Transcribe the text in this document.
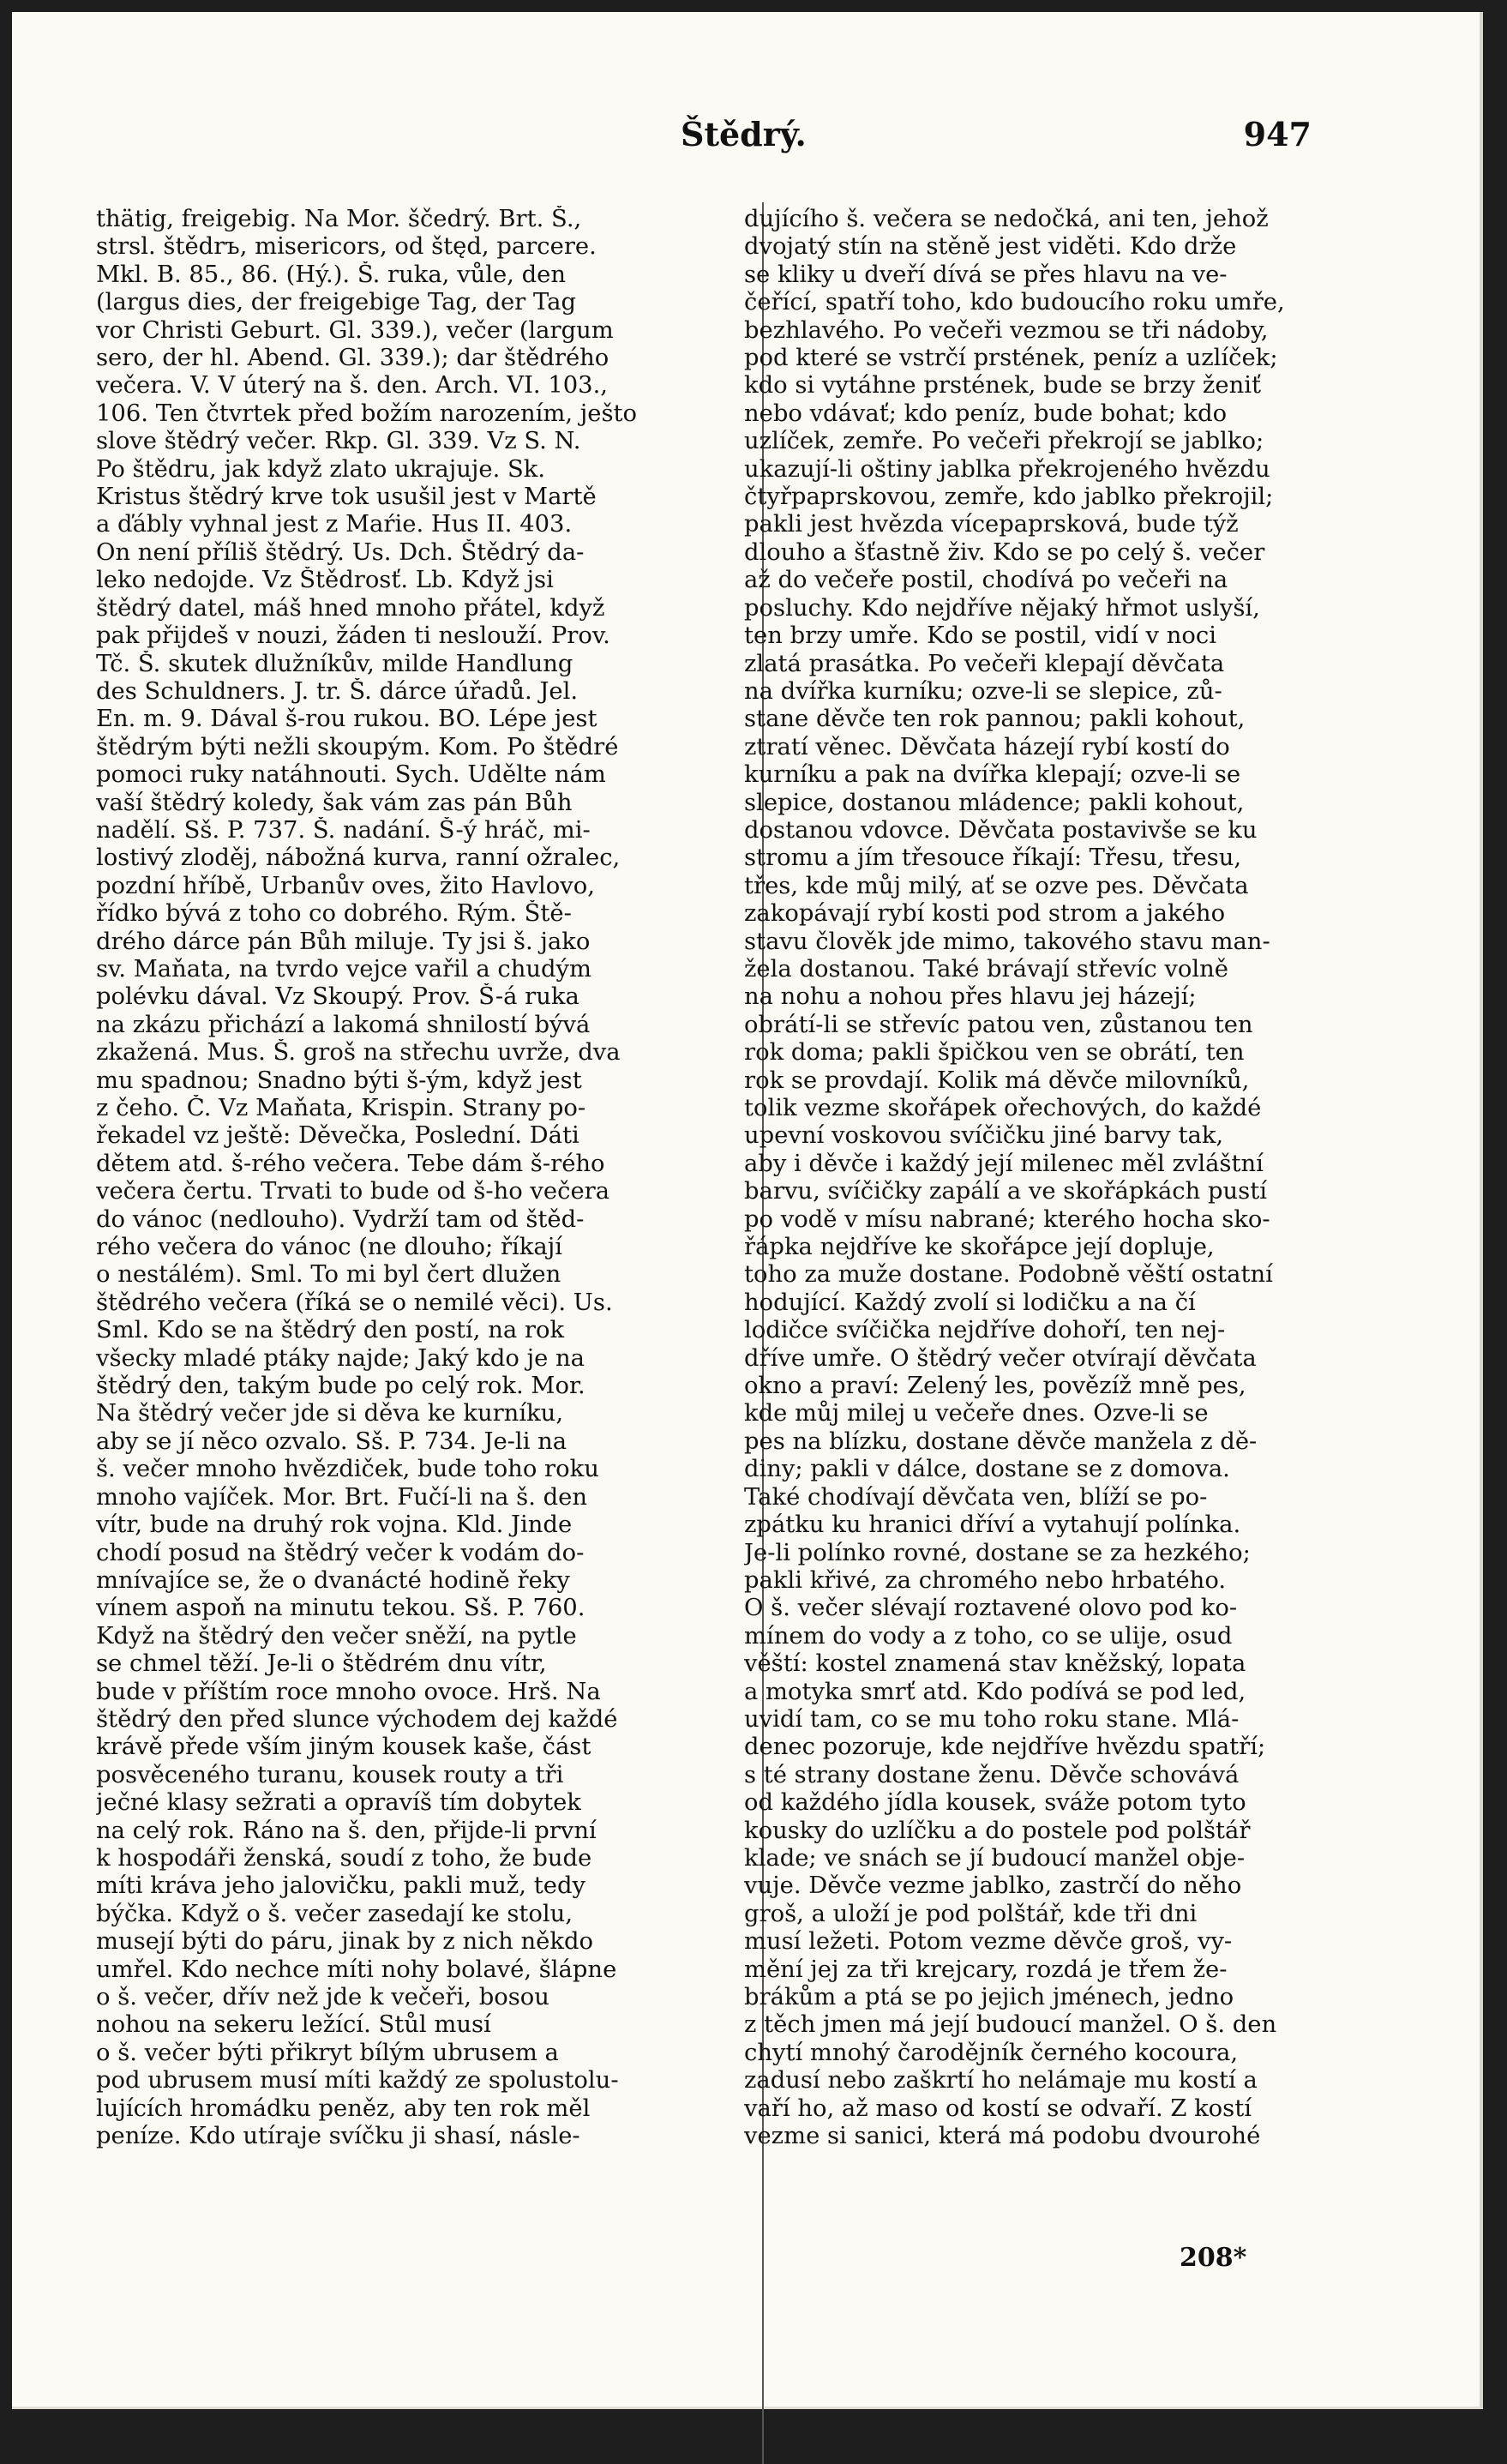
Štědrý.	947
thätig, freigebig. Na Mor. ščedrý. Brt. Š.,
strsl. štědrъ, misericors, od štęd, parcere.
Mkl. B. 85., 86. (Hý.). Š. ruka, vůle, den
(largus dies, der freigebige Tag, der Tag
vor Christi Geburt. Gl. 339.), večer (largum
sero, der hl. Abend. Gl. 339.); dar štědrého
večera. V. V úterý na š. den. Arch. VI. 103.,
106. Ten čtvrtek před božím narozením, ješto
slove štědrý večer. Rkp. Gl. 339. Vz S. N.
Po štědru, jak když zlato ukrajuje. Sk.
Kristus štědrý krve tok usušil jest v Martě
a ďábly vyhnal jest z Maŕie. Hus II. 403.
On není příliš štědrý. Us. Dch. Štědrý da-
leko nedojde. Vz Štědrosť. Lb. Když jsi
štědrý datel, máš hned mnoho přátel, když
pak přijdeš v nouzi, žáden ti neslouží. Prov.
Tč. Š. skutek dlužníkův, milde Handlung
des Schuldners. J. tr. Š. dárce úřadů. Jel.
En. m. 9. Dával š-rou rukou. BO. Lépe jest
štědrým býti nežli skoupým. Kom. Po štědré
pomoci ruky natáhnouti. Sych. Udělte nám
vaší štědrý koledy, šak vám zas pán Bůh
nadělí. Sš. P. 737. Š. nadání. Š-ý hráč, mi-
lostivý zloděj, nábožná kurva, ranní ožralec,
pozdní hříbě, Urbanův oves, žito Havlovo,
řídko bývá z toho co dobrého. Rým. Ště-
drého dárce pán Bůh miluje. Ty jsi š. jako
sv. Maňata, na tvrdo vejce vařil a chudým
polévku dával. Vz Skoupý. Prov. Š-á ruka
na zkázu přichází a lakomá shnilostí bývá
zkažená. Mus. Š. groš na střechu uvrže, dva
mu spadnou; Snadno býti š-ým, když jest
z čeho. Č. Vz Maňata, Krispin. Strany po-
řekadel vz ještě: Děvečka, Poslední. Dáti
dětem atd. š-rého večera. Tebe dám š-rého
večera čertu. Trvati to bude od š-ho večera
do vánoc (nedlouho). Vydrží tam od štěd-
rého večera do vánoc (ne dlouho; říkají
o nestálém). Sml. To mi byl čert dlužen
štědrého večera (říká se o nemilé věci). Us.
Sml. Kdo se na štědrý den postí, na rok
všecky mladé ptáky najde; Jaký kdo je na
štědrý den, takým bude po celý rok. Mor.
Na štědrý večer jde si děva ke kurníku,
aby se jí něco ozvalo. Sš. P. 734. Je-li na
š. večer mnoho hvězdiček, bude toho roku
mnoho vajíček. Mor. Brt. Fučí-li na š. den
vítr, bude na druhý rok vojna. Kld. Jinde
chodí posud na štědrý večer k vodám do-
mnívajíce se, že o dvanácté hodině řeky
vínem aspoň na minutu tekou. Sš. P. 760.
Když na štědrý den večer sněží, na pytle
se chmel těží. Je-li o štědrém dnu vítr,
bude v příštím roce mnoho ovoce. Hrš. Na
štědrý den před slunce východem dej každé
krávě přede vším jiným kousek kaše, část
posvěceného turanu, kousek routy a tři
ječné klasy sežrati a opravíš tím dobytek
na celý rok. Ráno na š. den, přijde-li první
k hospodáři ženská, soudí z toho, že bude
míti kráva jeho jalovičku, pakli muž, tedy
býčka. Když o š. večer zasedají ke stolu,
musejí býti do páru, jinak by z nich někdo
umřel. Kdo nechce míti nohy bolavé, šlápne
o š. večer, dřív než jde k večeři, bosou
nohou na sekeru ležící. Stůl musí
o š. večer býti přikryt bílým ubrusem a
pod ubrusem musí míti každý ze spolustolu-
lujících hromádku peněz, aby ten rok měl
peníze. Kdo utíraje svíčku ji shasí, násle-
dujícího š. večera se nedočká, ani ten, jehož
dvojatý stín na stěně jest viděti. Kdo drže
se kliky u dveří dívá se přes hlavu na ve-
čeřící, spatří toho, kdo budoucího roku umře,
bezhlavého. Po večeři vezmou se tři nádoby,
pod které se vstrčí prstének, peníz a uzlíček;
kdo si vytáhne prstének, bude se brzy ženiť
nebo vdávať; kdo peníz, bude bohat; kdo
uzlíček, zemře. Po večeři překrojí se jablko;
ukazují-li oštiny jablka překrojeného hvězdu
čtyřpaprskovou, zemře, kdo jablko překrojil;
pakli jest hvězda vícepaprsková, bude týž
dlouho a šťastně živ. Kdo se po celý š. večer
až do večeře postil, chodívá po večeři na
posluchy. Kdo nejdříve nějaký hřmot uslyší,
ten brzy umře. Kdo se postil, vidí v noci
zlatá prasátka. Po večeři klepají děvčata
na dvířka kurníku; ozve-li se slepice, zů-
stane děvče ten rok pannou; pakli kohout,
ztratí věnec. Děvčata házejí rybí kostí do
kurníku a pak na dvířka klepají; ozve-li se
slepice, dostanou mládence; pakli kohout,
dostanou vdovce. Děvčata postavivše se ku
stromu a jím třesouce říkají: Třesu, třesu,
třes, kde můj milý, ať se ozve pes. Děvčata
zakopávají rybí kosti pod strom a jakého
stavu člověk jde mimo, takového stavu man-
žela dostanou. Také brávají střevíc volně
na nohu a nohou přes hlavu jej házejí;
obrátí-li se střevíc patou ven, zůstanou ten
rok doma; pakli špičkou ven se obrátí, ten
rok se provdají. Kolik má děvče milovníků,
tolik vezme skořápek ořechových, do každé
upevní voskovou svíčičku jiné barvy tak,
aby i děvče i každý její milenec měl zvláštní
barvu, svíčičky zapálí a ve skořápkách pustí
po vodě v mísu nabrané; kterého hocha sko-
řápka nejdříve ke skořápce její dopluje,
toho za muže dostane. Podobně věští ostatní
hodující. Každý zvolí si lodičku a na čí
lodičce svíčička nejdříve dohoří, ten nej-
dříve umře. O štědrý večer otvírají děvčata
okno a praví: Zelený les, povězíž mně pes,
kde můj milej u večeře dnes. Ozve-li se
pes na blízku, dostane děvče manžela z dě-
diny; pakli v dálce, dostane se z domova.
Také chodívají děvčata ven, blíží se po-
zpátku ku hranici dříví a vytahují polínka.
Je-li polínko rovné, dostane se za hezkého;
pakli křivé, za chromého nebo hrbatého.
O š. večer slévají roztavené olovo pod ko-
mínem do vody a z toho, co se ulije, osud
věští: kostel znamená stav kněžský, lopata
a motyka smrť atd. Kdo podívá se pod led,
uvidí tam, co se mu toho roku stane. Mlá-
denec pozoruje, kde nejdříve hvězdu spatří;
s té strany dostane ženu. Děvče schovává
od každého jídla kousek, sváže potom tyto
kousky do uzlíčku a do postele pod polštář
klade; ve snách se jí budoucí manžel obje-
vuje. Děvče vezme jablko, zastrčí do něho
groš, a uloží je pod polštář, kde tři dni
musí ležeti. Potom vezme děvče groš, vy-
mění jej za tři krejcary, rozdá je třem že-
brákům a ptá se po jejich jménech, jedno
z těch jmen má její budoucí manžel. O š. den
chytí mnohý čarodějník černého kocoura,
zadusí nebo zaškrtí ho nelámaje mu kostí a
vaří ho, až maso od kostí se odvaří. Z kostí
vezme si sanici, která má podobu dvourohé
208*
